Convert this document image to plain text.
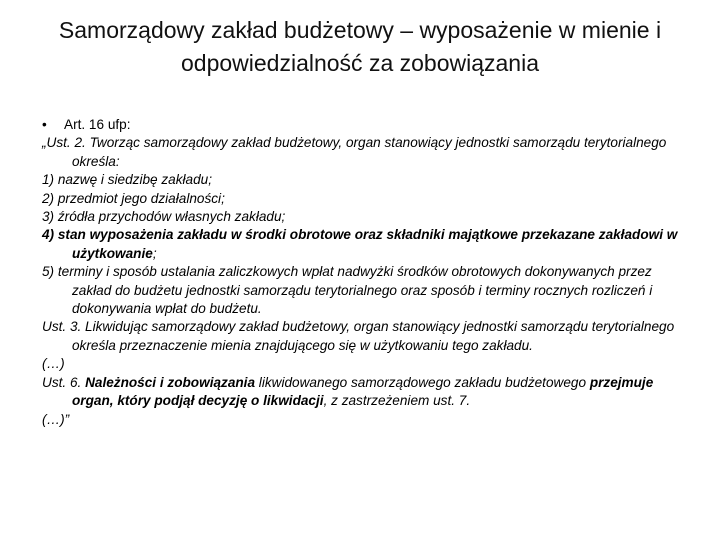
Samorządowy zakład budżetowy – wyposażenie w mienie i odpowiedzialność za zobowiązania
• Art. 16 ufp:
„Ust. 2. Tworząc samorządowy zakład budżetowy, organ stanowiący jednostki samorządu terytorialnego określa:
1) nazwę i siedzibę zakładu;
2) przedmiot jego działalności;
3) źródła przychodów własnych zakładu;
4) stan wyposażenia zakładu w środki obrotowe oraz składniki majątkowe przekazane zakładowi w użytkowanie;
5) terminy i sposób ustalania zaliczkowych wpłat nadwyżki środków obrotowych dokonywanych przez zakład do budżetu jednostki samorządu terytorialnego oraz sposób i terminy rocznych rozliczeń i dokonywania wpłat do budżetu.
Ust. 3. Likwidując samorządowy zakład budżetowy, organ stanowiący jednostki samorządu terytorialnego określa przeznaczenie mienia znajdującego się w użytkowaniu tego zakładu.
(…)
Ust. 6. Należności i zobowiązania likwidowanego samorządowego zakładu budżetowego przejmuje organ, który podjął decyzję o likwidacji, z zastrzeżeniem ust. 7.
(…)”
